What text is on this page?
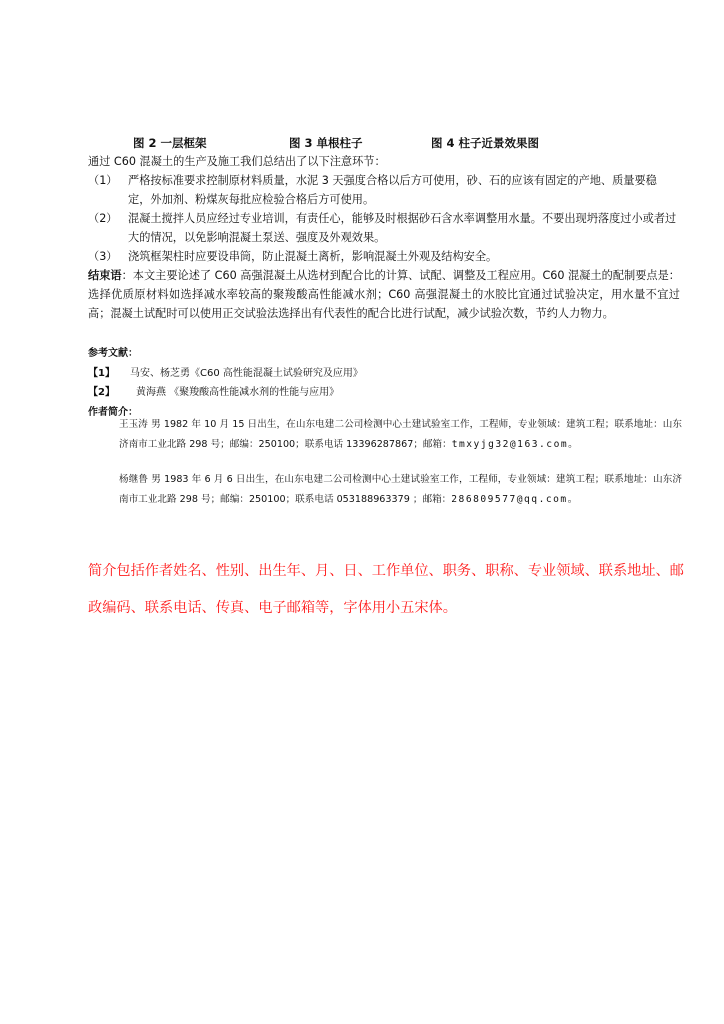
图 2 一层框架	图 3 单根柱子	图 4 柱子近景效果图
通过 C60 混凝土的生产及施工我们总结出了以下注意环节：
（1） 严格按标准要求控制原材料质量，水泥 3 天强度合格以后方可使用，砂、石的应该有固定的产地、质量要稳定，外加剂、粉煤灰每批应检验合格后方可使用。
（2） 混凝土搅拌人员应经过专业培训，有责任心，能够及时根据砂石含水率调整用水量。不要出现坍落度过小或者过大的情况，以免影响混凝土泵送、强度及外观效果。
（3） 浇筑框架柱时应要设串筒，防止混凝土离析，影响混凝土外观及结构安全。
结束语：本文主要论述了 C60 高强混凝土从选材到配合比的计算、试配、调整及工程应用。C60 混凝土的配制要点是：选择优质原材料如选择减水率较高的聚羧酸高性能减水剂；C60 高强混凝土的水胶比宜通过试验决定，用水量不宜过高；混凝土试配时可以使用正交试验法选择出有代表性的配合比进行试配，减少试验次数，节约人力物力。
参考文献：
【1】 马安、杨芝勇《C60 高性能混凝土试验研究及应用》
【2】 黄海燕 《聚羧酸高性能减水剂的性能与应用》
作者简介：
王玉涛 男 1982 年 10 月 15 日出生，在山东电建二公司检测中心土建试验室工作，工程师，专业领域：建筑工程；联系地址：山东济南市工业北路 298 号；邮编：250100；联系电话 13396287867；邮箱：tmxyjg32@163.com。
杨继鲁 男 1983 年 6 月 6 日出生，在山东电建二公司检测中心土建试验室工作，工程师，专业领域：建筑工程；联系地址：山东济南市工业北路 298 号；邮编：250100；联系电话 053188963379 ；邮箱：286809577@qq.com。
简介包括作者姓名、性别、出生年、月、日、工作单位、职务、职称、专业领域、联系地址、邮政编码、联系电话、传真、电子邮箱等，字体用小五宋体。
